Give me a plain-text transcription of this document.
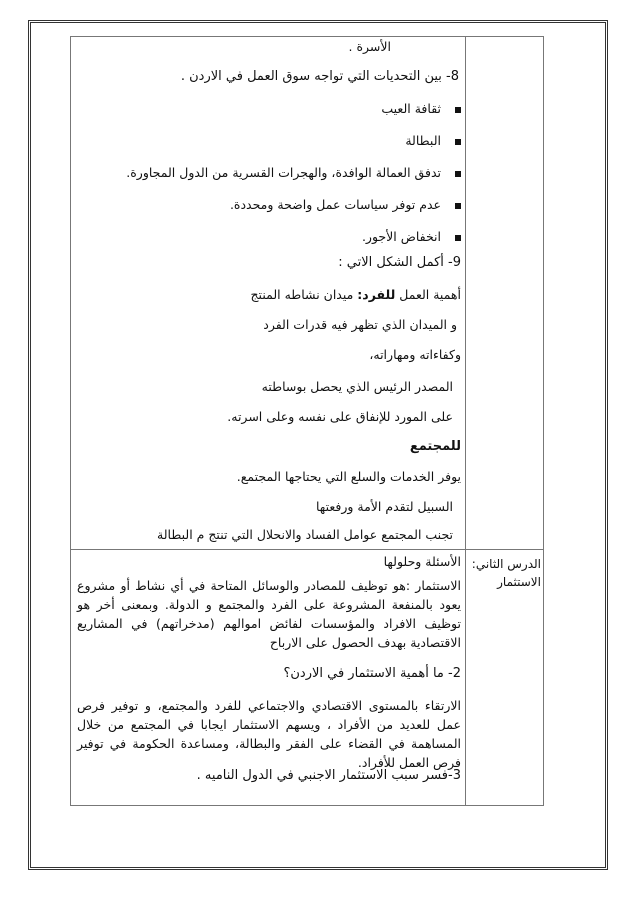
الأسرة .
8- بين التحديات التي تواجه سوق العمل في الاردن .
ثقافة العيب
البطالة
تدفق العمالة الوافدة، والهجرات القسرية من الدول المجاورة.
عدم توفر سياسات عمل واضحة ومحددة.
انخفاض الأجور.
9- أكمل الشكل الاتي :
أهمية العمل للفرد: ميدان نشاطه المنتج
و الميدان الذي تظهر فيه قدرات الفرد
وكفاءاته ومهاراته،
المصدر الرئيس الذي يحصل بوساطته
على المورد للإنفاق على نفسه وعلى اسرته.
للمجتمع
يوفر الخدمات والسلع التي يحتاجها المجتمع.
السبيل لتقدم الأمة ورفعتها
تجنب المجتمع عوامل الفساد والانحلال التي تنتج م البطالة
الدرس الثاني: الاستثمار
الأسئلة وحلولها
الاستثمار :هو توظيف للمصادر والوسائل المتاحة في أي نشاط أو مشروع يعود بالمنفعة المشروعة على الفرد والمجتمع و الدولة. وبمعنى أخر هو توظيف الافراد والمؤسسات لفائض اموالهم (مدخراتهم) في المشاريع الاقتصادية بهدف الحصول على الارباح
2- ما أهمية الاستثمار في الاردن؟
الارتقاء بالمستوى الاقتصادي والاجتماعي للفرد والمجتمع، و توفير فرص عمل للعديد من الأفراد ، ويسهم الاستثمار ايجابا في المجتمع من خلال المساهمة في القضاء على الفقر والبطالة، ومساعدة الحكومة في توفير فرص العمل للأفراد.
3-فسر سبب الاستثمار الاجنبي في الدول الناميه .
